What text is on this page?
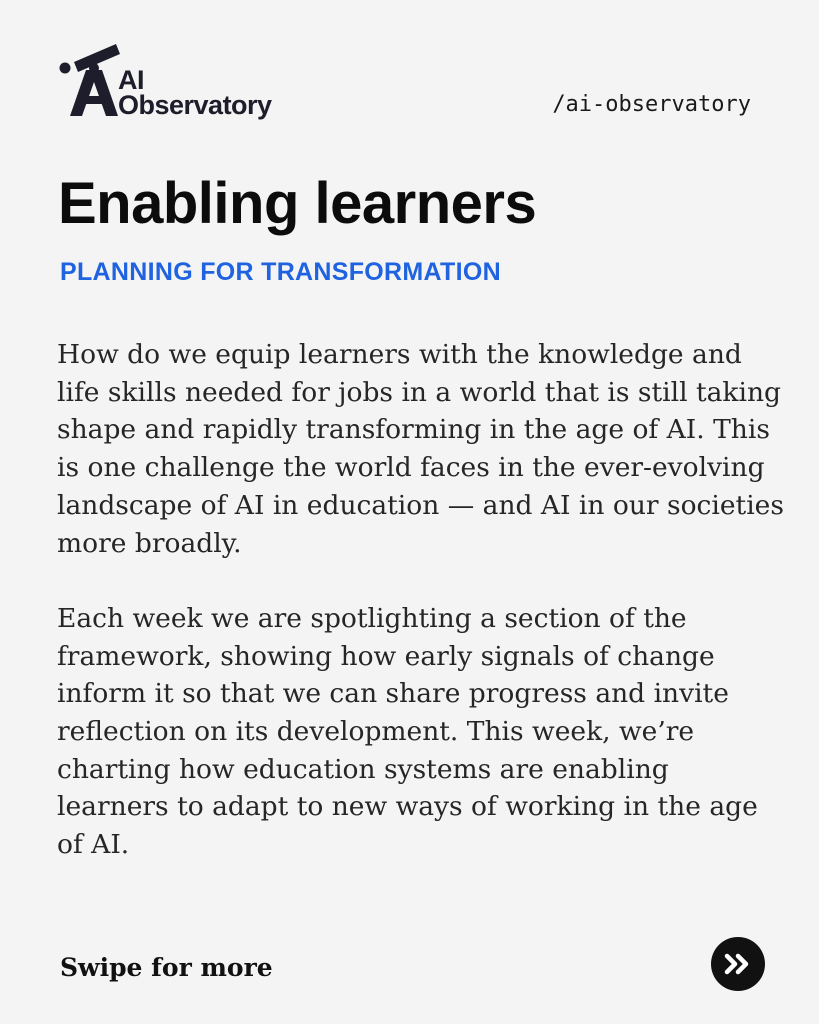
AI
Observatory	/ai-observatory
Enabling learners
PLANNING FOR TRANSFORMATION

How do we equip learners with the knowledge and life skills needed for jobs in a world that is still taking shape and rapidly transforming in the age of AI. This is one challenge the world faces in the ever-evolving landscape of AI in education — and AI in our societies more broadly.

Each week we are spotlighting a section of the framework, showing how early signals of change inform it so that we can share progress and invite reflection on its development. This week, we’re charting how education systems are enabling learners to adapt to new ways of working in the age of AI.

Swipe for more
